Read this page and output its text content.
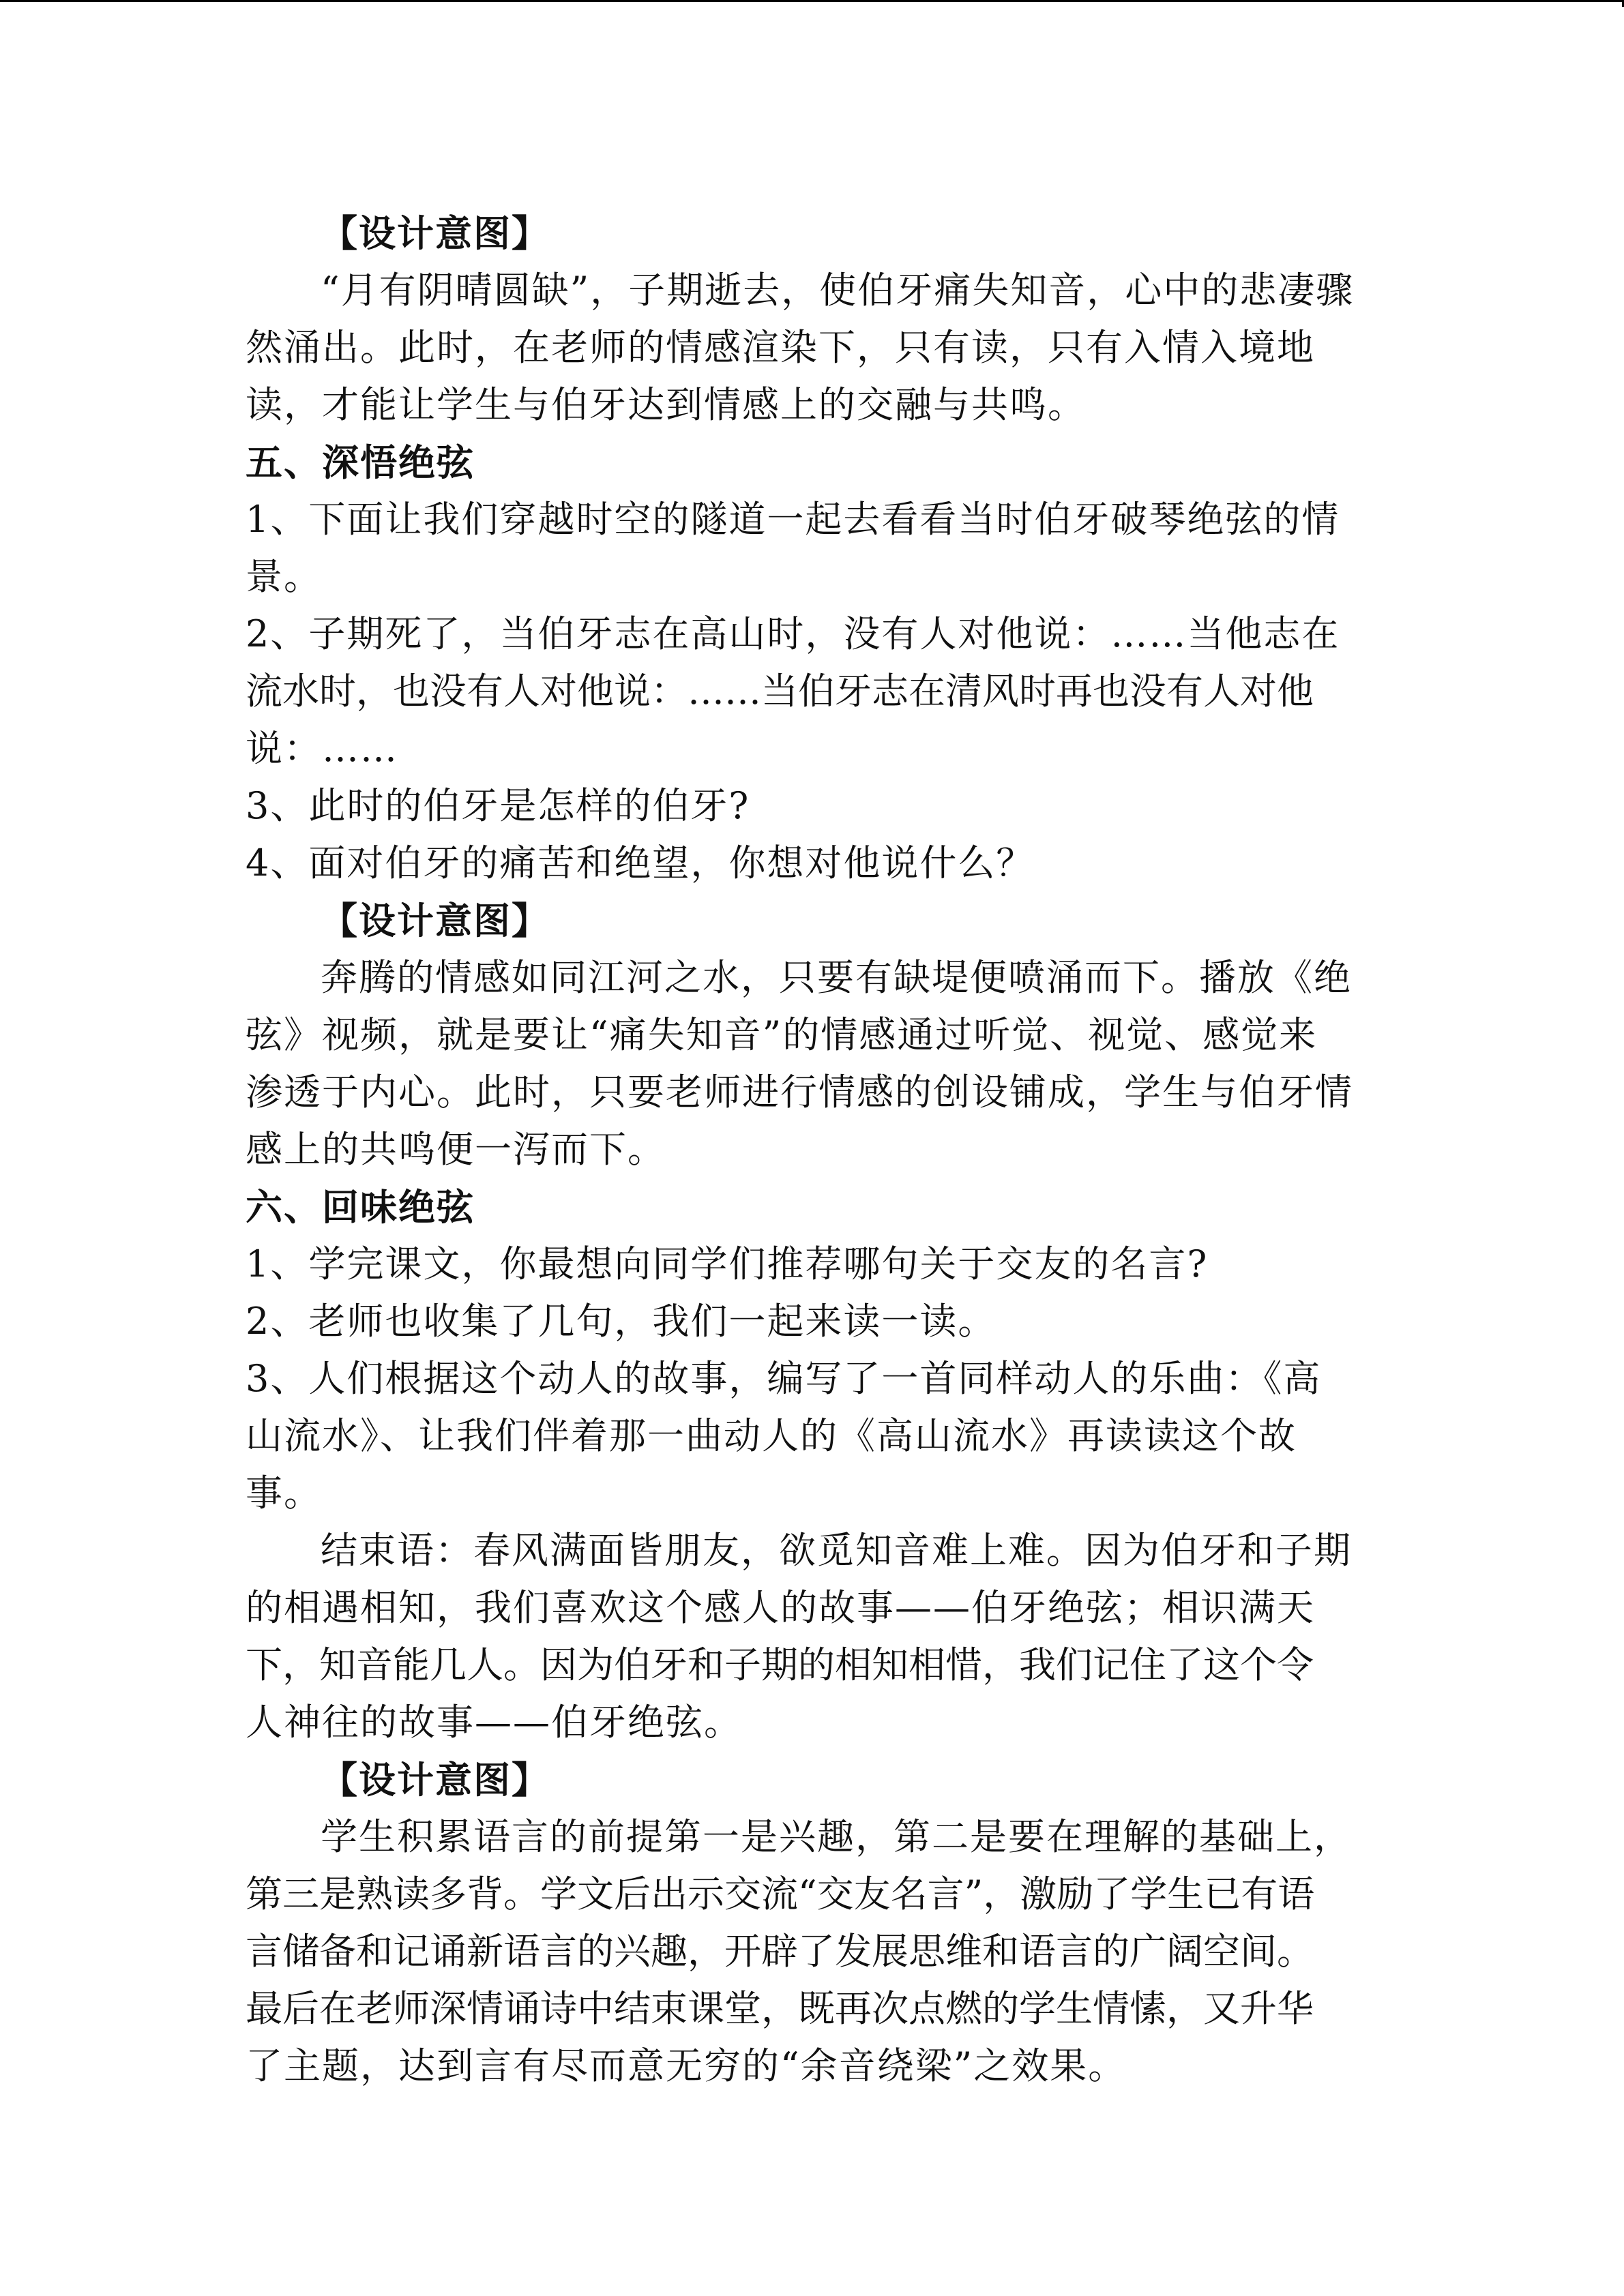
【设计意图】
“月有阴晴圆缺”，子期逝去，使伯牙痛失知音，心中的悲凄骤
然涌出。此时，在老师的情感渲染下，只有读，只有入情入境地
读，才能让学生与伯牙达到情感上的交融与共鸣。
五、深悟绝弦
1、下面让我们穿越时空的隧道一起去看看当时伯牙破琴绝弦的情
景。
2、子期死了，当伯牙志在高山时，没有人对他说：……当他志在
流水时，也没有人对他说：……当伯牙志在清风时再也没有人对他
说：……
3、此时的伯牙是怎样的伯牙?
4、面对伯牙的痛苦和绝望，你想对他说什么？
【设计意图】
奔腾的情感如同江河之水，只要有缺堤便喷涌而下。播放《绝
弦》视频，就是要让“痛失知音”的情感通过听觉、视觉、感觉来
渗透于内心。此时，只要老师进行情感的创设铺成，学生与伯牙情
感上的共鸣便一泻而下。
六、回味绝弦
1、学完课文，你最想向同学们推荐哪句关于交友的名言?
2、老师也收集了几句，我们一起来读一读。
3、人们根据这个动人的故事，编写了一首同样动人的乐曲：《高
山流水》、让我们伴着那一曲动人的《高山流水》再读读这个故
事。
结束语：春风满面皆朋友，欲觅知音难上难。因为伯牙和子期
的相遇相知，我们喜欢这个感人的故事——伯牙绝弦；相识满天
下，知音能几人。因为伯牙和子期的相知相惜，我们记住了这个令
人神往的故事——伯牙绝弦。
【设计意图】
学生积累语言的前提第一是兴趣，第二是要在理解的基础上，
第三是熟读多背。学文后出示交流“交友名言”，激励了学生已有语
言储备和记诵新语言的兴趣，开辟了发展思维和语言的广阔空间。
最后在老师深情诵诗中结束课堂，既再次点燃的学生情愫，又升华
了主题，达到言有尽而意无穷的“余音绕梁”之效果。
